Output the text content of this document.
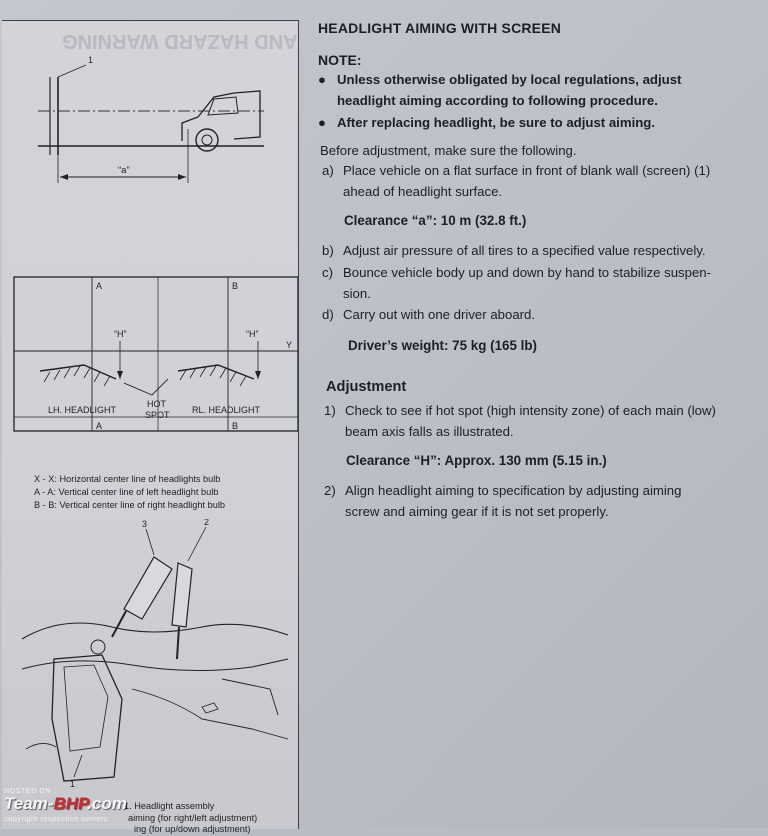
AND HAZARD WARNING
1
“a”
A	B
Y
“H”	“H”
LH. HEADLIGHT
HOT
SPOT RL. HEADLIGHT
A	B
X - X: Horizontal center line of headlights bulb
A - A: Vertical center line of left headlight bulb
B - B: Vertical center line of right headlight bulb
3	2
1
1. Headlight assembly
aiming (for right/left adjustment)
ing (for up/down adjustment)
HEADLIGHT AIMING WITH SCREEN
NOTE:
● Unless otherwise obligated by local regulations, adjust
headlight aiming according to following procedure.
● After replacing headlight, be sure to adjust aiming.
Before adjustment, make sure the following.
a) Place vehicle on a flat surface in front of blank wall (screen) (1)
ahead of headlight surface.
Clearance “a”: 10 m (32.8 ft.)
b) Adjust air pressure of all tires to a specified value respectively.
c) Bounce vehicle body up and down by hand to stabilize suspen-
sion.
d) Carry out with one driver aboard.
Driver’s weight: 75 kg (165 lb)
Adjustment
1) Check to see if hot spot (high intensity zone) of each main (low)
beam axis falls as illustrated.
Clearance “H”: Approx. 130 mm (5.15 in.)
2) Align headlight aiming to specification by adjusting aiming
screw and aiming gear if it is not set properly.
HOSTED ON :
Team-BHP.com
copyright respective owners
